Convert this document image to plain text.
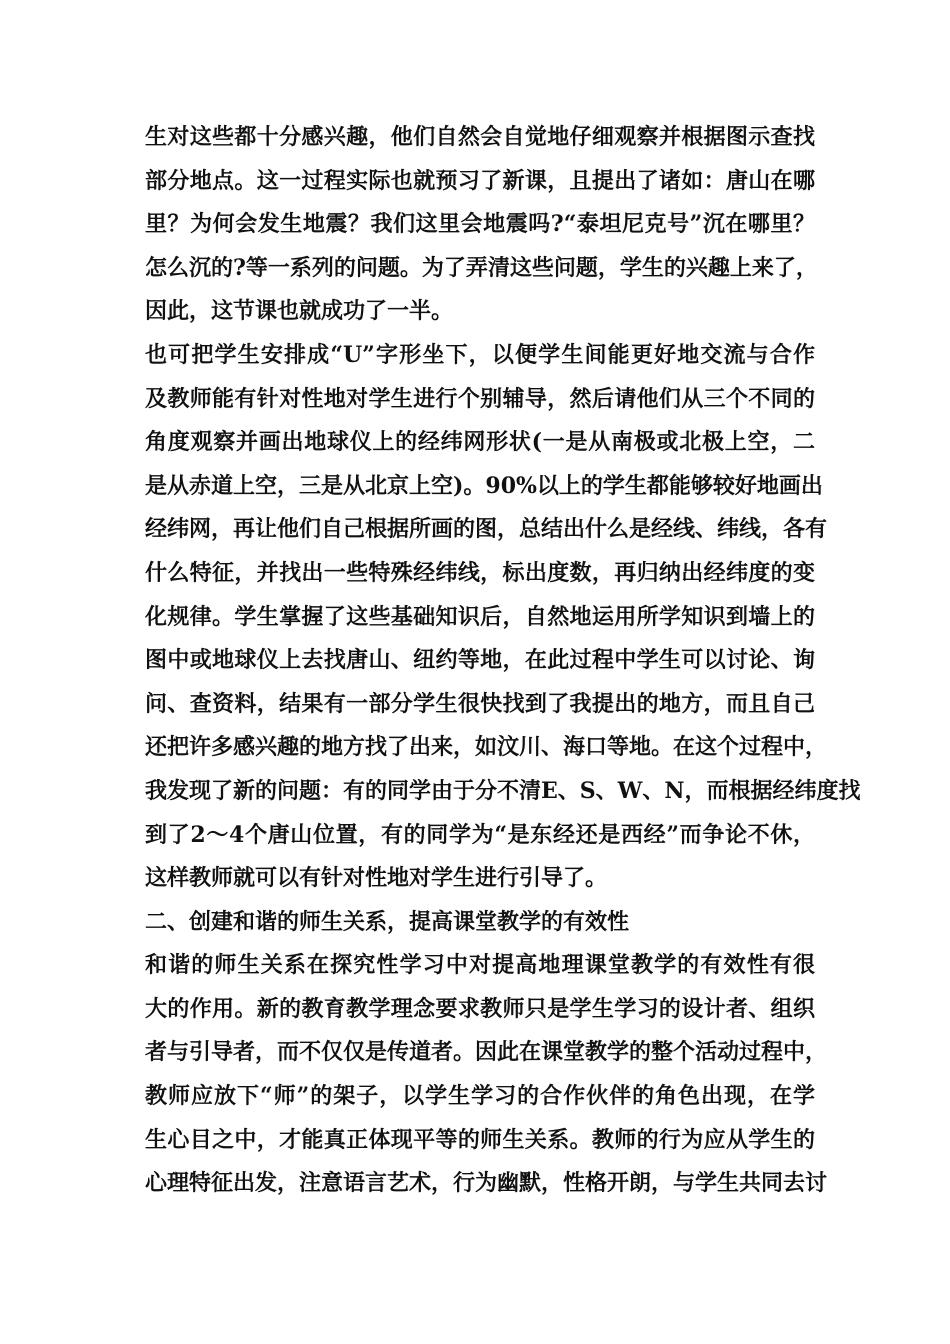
生对这些都十分感兴趣，他们自然会自觉地仔细观察并根据图示查找
部分地点。这一过程实际也就预习了新课，且提出了诸如：唐山在哪
里？为何会发生地震？我们这里会地震吗?“泰坦尼克号”沉在哪里？
怎么沉的?等一系列的问题。为了弄清这些问题，学生的兴趣上来了，
因此，这节课也就成功了一半。
也可把学生安排成“U”字形坐下，以便学生间能更好地交流与合作
及教师能有针对性地对学生进行个别辅导，然后请他们从三个不同的
角度观察并画出地球仪上的经纬网形状(一是从南极或北极上空，二
是从赤道上空，三是从北京上空)。90%以上的学生都能够较好地画出
经纬网，再让他们自己根据所画的图，总结出什么是经线、纬线，各有
什么特征，并找出一些特殊经纬线，标出度数，再归纳出经纬度的变
化规律。学生掌握了这些基础知识后，自然地运用所学知识到墙上的
图中或地球仪上去找唐山、纽约等地，在此过程中学生可以讨论、询
问、查资料，结果有一部分学生很快找到了我提出的地方，而且自己
还把许多感兴趣的地方找了出来，如汶川、海口等地。在这个过程中，
我发现了新的问题：有的同学由于分不清E、S、W、N，而根据经纬度找
到了2～4个唐山位置，有的同学为“是东经还是西经”而争论不休，
这样教师就可以有针对性地对学生进行引导了。
二、创建和谐的师生关系，提高课堂教学的有效性
和谐的师生关系在探究性学习中对提高地理课堂教学的有效性有很
大的作用。新的教育教学理念要求教师只是学生学习的设计者、组织
者与引导者，而不仅仅是传道者。因此在课堂教学的整个活动过程中，
教师应放下“师”的架子，以学生学习的合作伙伴的角色出现，在学
生心目之中，才能真正体现平等的师生关系。教师的行为应从学生的
心理特征出发，注意语言艺术，行为幽默，性格开朗，与学生共同去讨
